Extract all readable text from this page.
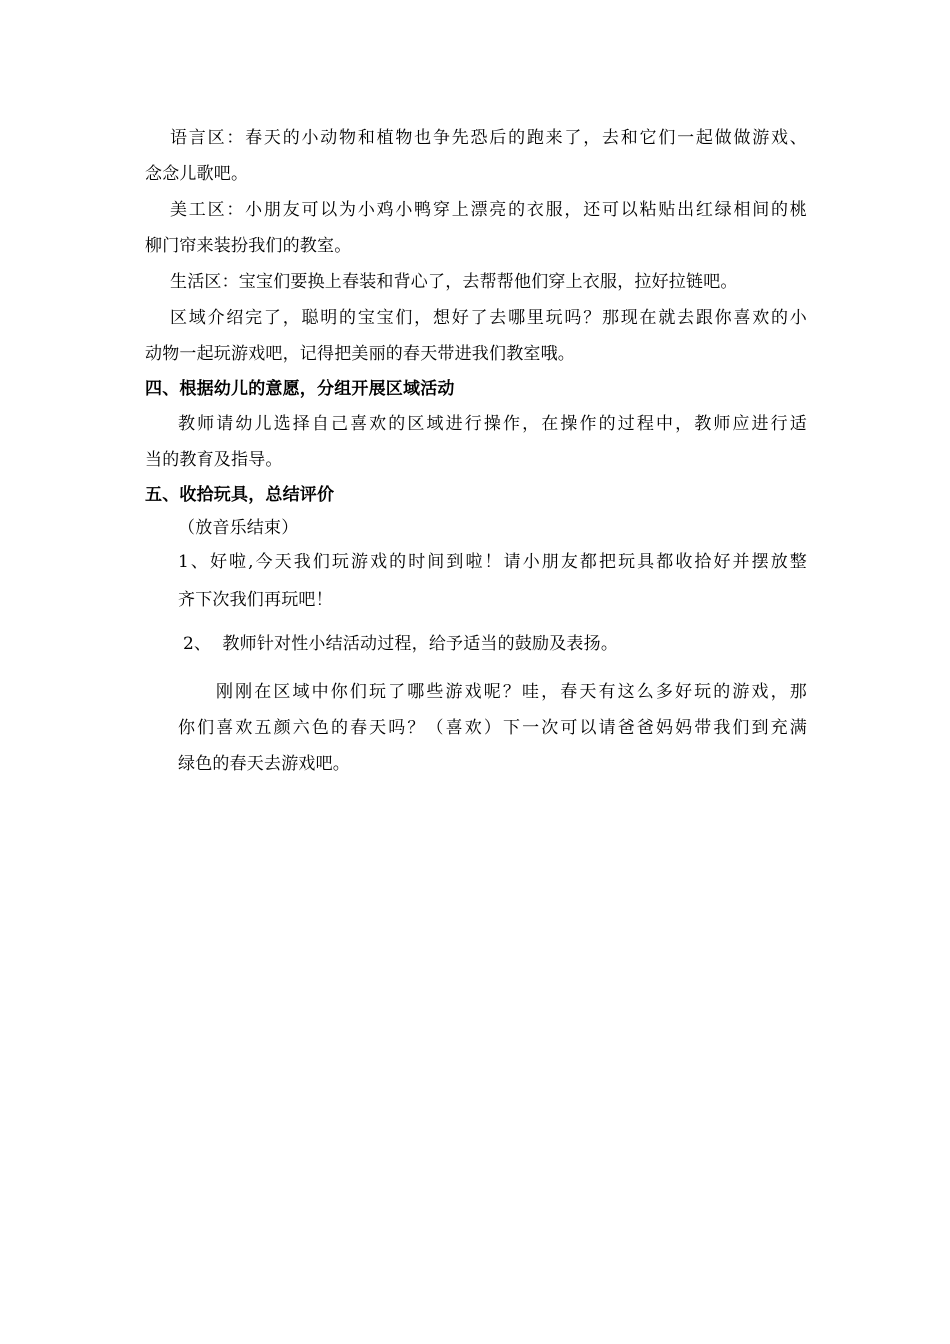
语言区：春天的小动物和植物也争先恐后的跑来了，去和它们一起做做游戏、
念念儿歌吧。
美工区：小朋友可以为小鸡小鸭穿上漂亮的衣服，还可以粘贴出红绿相间的桃
柳门帘来装扮我们的教室。
生活区：宝宝们要换上春装和背心了，去帮帮他们穿上衣服，拉好拉链吧。
区域介绍完了，聪明的宝宝们，想好了去哪里玩吗？那现在就去跟你喜欢的小
动物一起玩游戏吧，记得把美丽的春天带进我们教室哦。
四、根据幼儿的意愿，分组开展区域活动
教师请幼儿选择自己喜欢的区域进行操作，在操作的过程中，教师应进行适
当的教育及指导。
五、收拾玩具，总结评价
（放音乐结束）
1、好啦,今天我们玩游戏的时间到啦！请小朋友都把玩具都收拾好并摆放整
齐下次我们再玩吧！
2、  教师针对性小结活动过程，给予适当的鼓励及表扬。
刚刚在区域中你们玩了哪些游戏呢？哇，春天有这么多好玩的游戏，那
你们喜欢五颜六色的春天吗？（喜欢）下一次可以请爸爸妈妈带我们到充满
绿色的春天去游戏吧。
